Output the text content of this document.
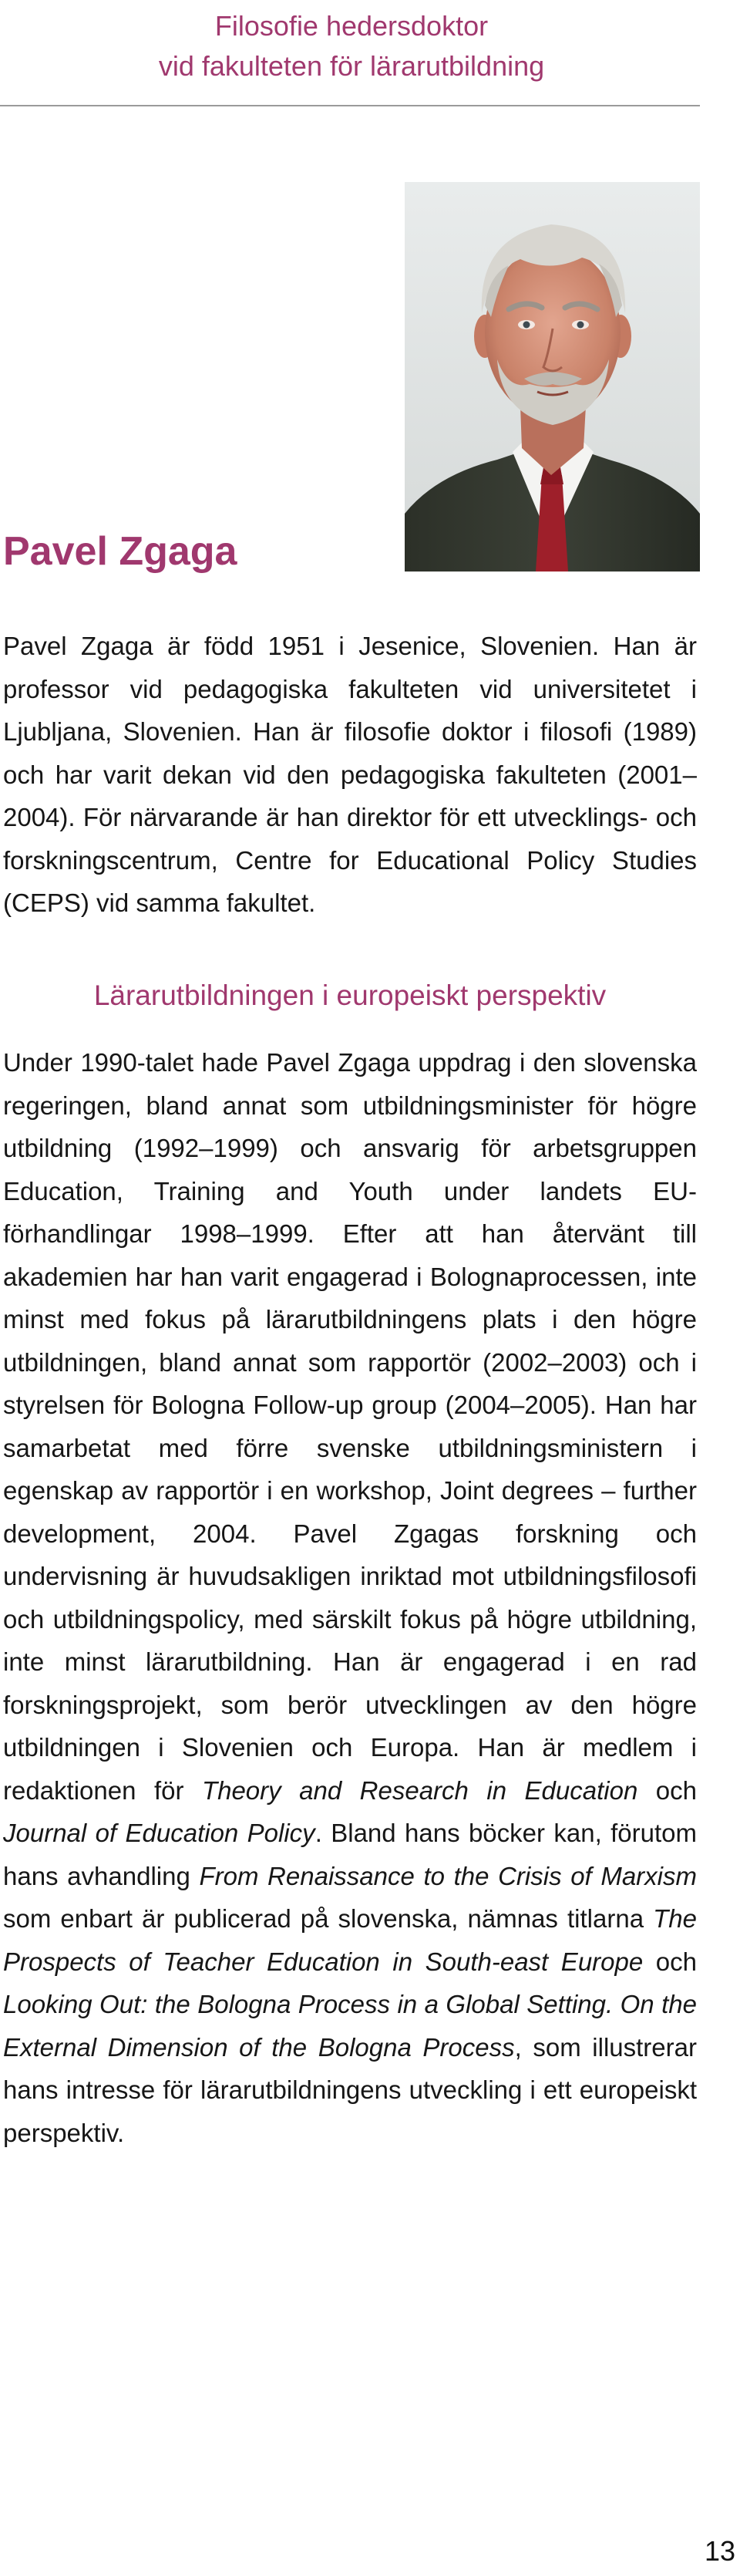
Filosofie hedersdoktor
vid fakulteten för lärarutbildning
Pavel Zgaga

Pavel Zgaga är född 1951 i Jesenice, Slovenien. Han är professor vid pedagogiska fakulteten vid universitetet i Ljubljana, Slovenien. Han är filosofie doktor i filosofi (1989) och har varit dekan vid den pedagogiska fakulteten (2001–2004). För närvarande är han direktor för ett utvecklings- och forskningscentrum, Centre for Educational Policy Studies (CEPS) vid samma fakultet.

Lärarutbildningen i europeiskt perspektiv

Under 1990-talet hade Pavel Zgaga uppdrag i den slovenska regeringen, bland annat som utbildningsminister för högre utbildning (1992–1999) och ansvarig för arbetsgruppen Education, Training and Youth under landets EU-förhandlingar 1998–1999. Efter att han återvänt till akademien har han varit engagerad i Bolognaprocessen, inte minst med fokus på lärarutbildningens plats i den högre utbildningen, bland annat som rapportör (2002–2003) och i styrelsen för Bologna Follow-up group (2004–2005). Han har samarbetat med förre svenske utbildningsministern i egenskap av rapportör i en workshop, Joint degrees – further development, 2004. Pavel Zgagas forskning och undervisning är huvudsakligen inriktad mot utbildningsfilosofi och utbildningspolicy, med särskilt fokus på högre utbildning, inte minst lärarutbildning. Han är engagerad i en rad forskningsprojekt, som berör utvecklingen av den högre utbildningen i Slovenien och Europa. Han är medlem i redaktionen för Theory and Research in Education och Journal of Education Policy. Bland hans böcker kan, förutom hans avhandling From Renaissance to the Crisis of Marxism som enbart är publicerad på slovenska, nämnas titlarna The Prospects of Teacher Education in South-east Europe och Looking Out: the Bologna Process in a Global Setting. On the External Dimension of the Bologna Process, som illustrerar hans intresse för lärarutbildningens utveckling i ett europeiskt perspektiv.

13
